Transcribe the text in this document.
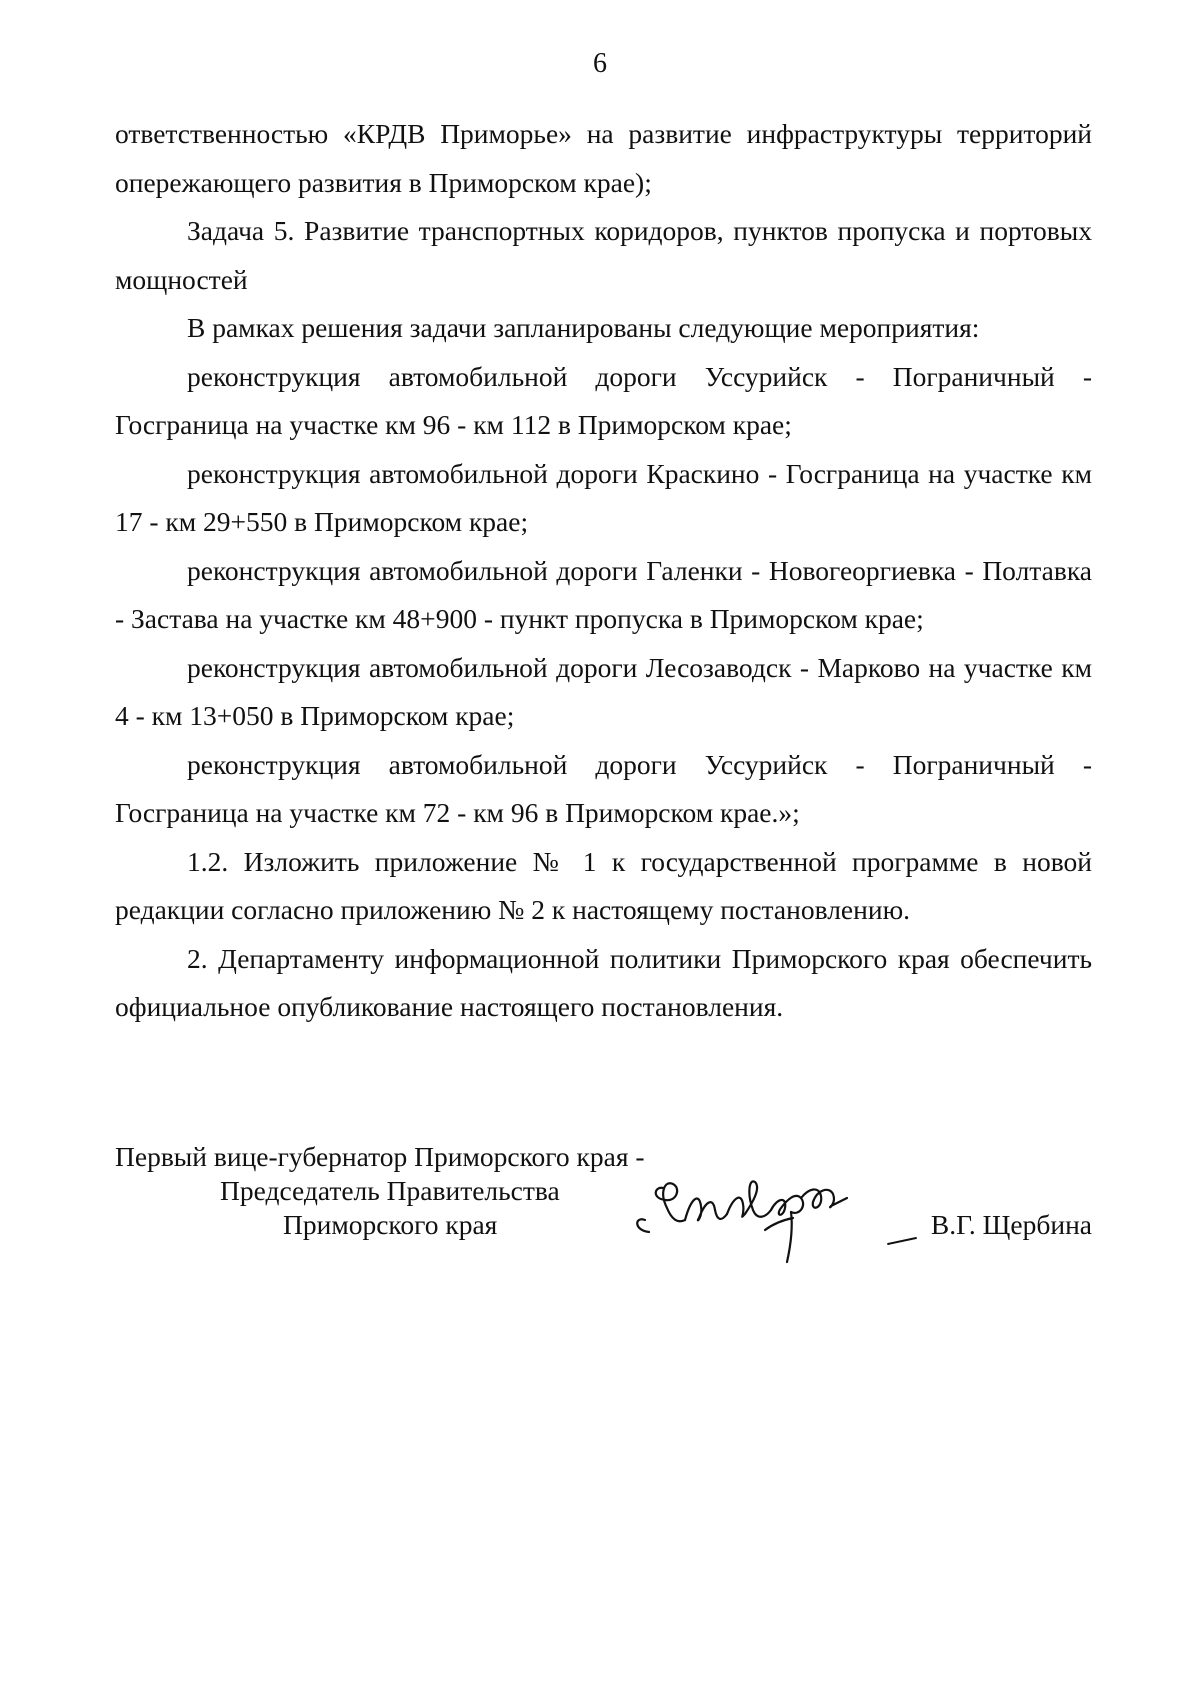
6

ответственностью «КРДВ Приморье» на развитие инфраструктуры территорий опережающего развития в Приморском крае);

Задача 5. Развитие транспортных коридоров, пунктов пропуска и портовых мощностей

В рамках решения задачи запланированы следующие мероприятия:

реконструкция автомобильной дороги Уссурийск - Пограничный - Госграница на участке км 96 - км 112 в Приморском крае;

реконструкция автомобильной дороги Краскино - Госграница на участке км 17 - км 29+550 в Приморском крае;

реконструкция автомобильной дороги Галенки - Новогеоргиевка - Полтавка - Застава на участке км 48+900 - пункт пропуска в Приморском крае;

реконструкция автомобильной дороги Лесозаводск - Марково на участке км 4 - км 13+050 в Приморском крае;

реконструкция автомобильной дороги Уссурийск - Пограничный - Госграница на участке км 72 - км 96 в Приморском крае.»;

1.2. Изложить приложение № 1 к государственной программе в новой редакции согласно приложению № 2 к настоящему постановлению.

2. Департаменту информационной политики Приморского края обеспечить официальное опубликование настоящего постановления.

Первый вице-губернатор Приморского края -
Председатель Правительства
Приморского края	В.Г. Щербина
